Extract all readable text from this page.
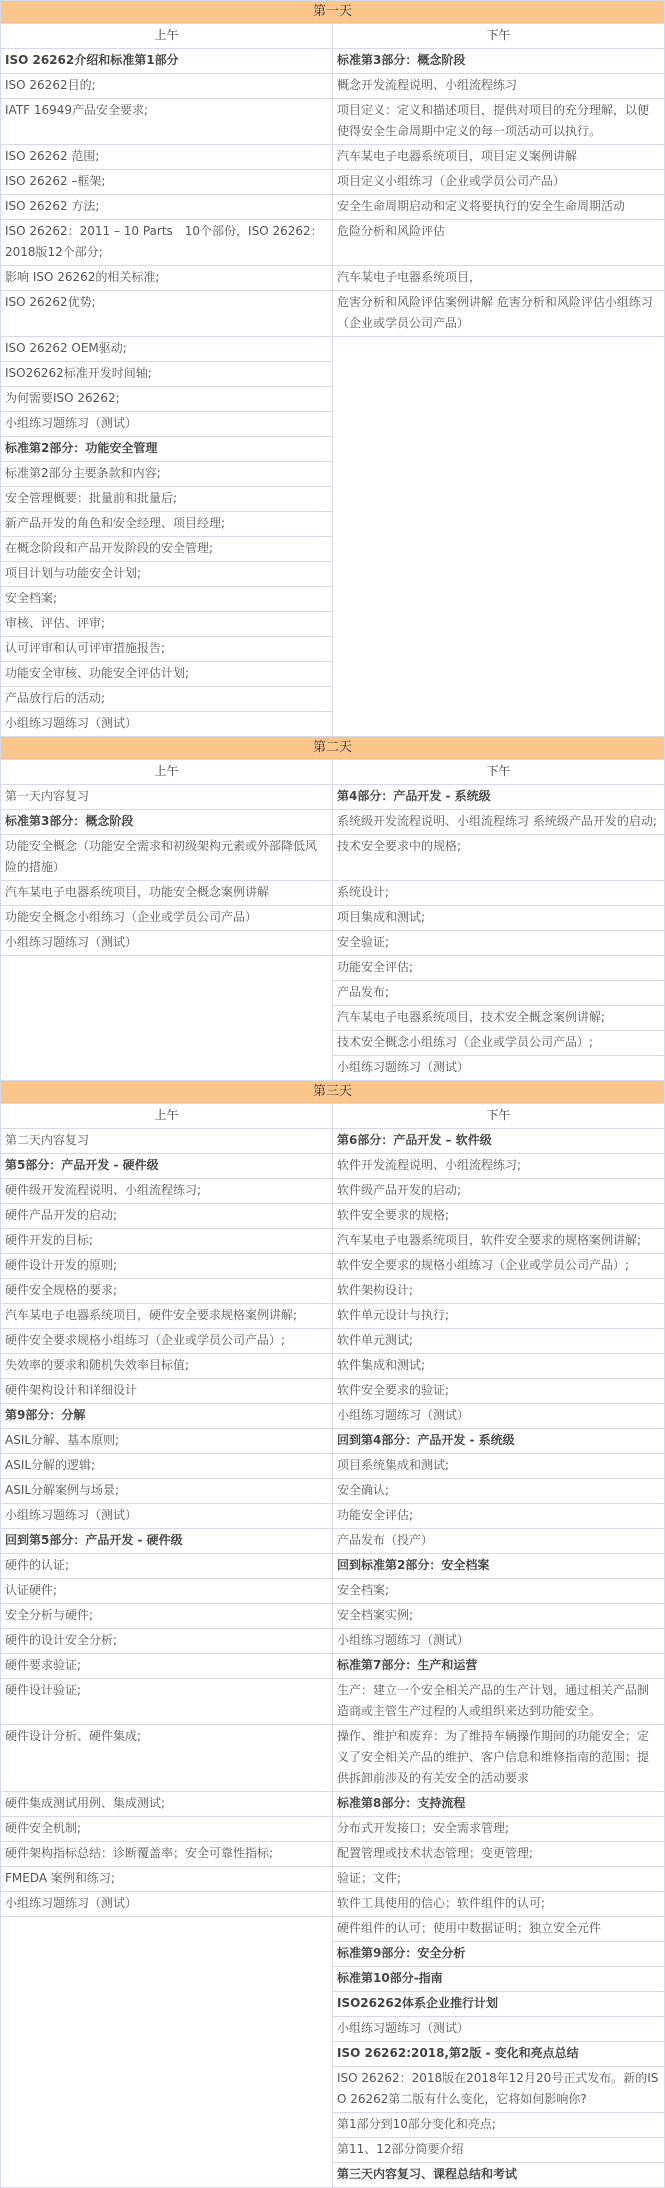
第一天	
上午	下午
ISO 26262介绍和标准第1部分	标准第3部分：概念阶段
ISO 26262目的;	概念开发流程说明、小组流程练习
IATF 16949产品安全要求;	项目定义：定义和描述项目，提供对项目的充分理解，以便使得安全生命周期中定义的每一项活动可以执行。
ISO 26262 范围;	汽车某电子电器系统项目，项目定义案例讲解
ISO 26262 –框架;	项目定义小组练习（企业或学员公司产品）
ISO 26262 方法;	安全生命周期启动和定义将要执行的安全生命周期活动
ISO 26262：2011 – 10 Parts　10个部份，ISO 26262：2018版12个部分;	危险分析和风险评估
影响 ISO 26262的相关标准;	汽车某电子电器系统项目，
ISO 26262优势;	危害分析和风险评估案例讲解 危害分析和风险评估小组练习（企业或学员公司产品）
ISO 26262 OEM驱动;	
ISO26262标准开发时间轴;	
为何需要ISO 26262;	
小组练习题练习（测试）	
标准第2部分：功能安全管理	
标准第2部分主要条款和内容;	
安全管理概要：批量前和批量后;	
新产品开发的角色和安全经理、项目经理;	
在概念阶段和产品开发阶段的安全管理;	
项目计划与功能安全计划;	
安全档案;	
审核、评估、评审;	
认可评审和认可评审措施报告;	
功能安全审核、功能安全评估计划;	
产品放行后的活动;	
小组练习题练习（测试）	
第二天	
上午	下午
第一天内容复习	第4部分：产品开发 - 系统级
标准第3部分：概念阶段	系统级开发流程说明、小组流程练习 系统级产品开发的启动;
功能安全概念（功能安全需求和初级架构元素或外部降低风险的措施）	技术安全要求中的规格;
汽车某电子电器系统项目，功能安全概念案例讲解	系统设计;
功能安全概念小组练习（企业或学员公司产品）	项目集成和测试;
小组练习题练习（测试）	安全验证;
	功能安全评估;
	产品发布;
	汽车某电子电器系统项目，技术安全概念案例讲解;
	技术安全概念小组练习（企业或学员公司产品）;
	小组练习题练习（测试）
第三天	
上午	下午
第二天内容复习	第6部分：产品开发 – 软件级
第5部分：产品开发 - 硬件级	软件开发流程说明、小组流程练习;
硬件级开发流程说明、小组流程练习;	软件级产品开发的启动;
硬件产品开发的启动;	软件安全要求的规格;
硬件开发的目标;	汽车某电子电器系统项目，软件安全要求的规格案例讲解;
硬件设计开发的原则;	软件安全要求的规格小组练习（企业或学员公司产品）;
硬件安全规格的要求;	软件架构设计;
汽车某电子电器系统项目，硬件安全要求规格案例讲解;	软件单元设计与执行;
硬件安全要求规格小组练习（企业或学员公司产品）;	软件单元测试;
失效率的要求和随机失效率目标值;	软件集成和测试;
硬件架构设计和详细设计	软件安全要求的验证;
第9部分：分解	小组练习题练习（测试）
ASIL分解、基本原则;	回到第4部分：产品开发 - 系统级
ASIL分解的逻辑;	项目系统集成和测试;
ASIL分解案例与场景;	安全确认;
小组练习题练习（测试）	功能安全评估;
回到第5部分：产品开发 - 硬件级	产品发布（投产）
硬件的认证;	回到标准第2部分：安全档案
认证硬件;	安全档案;
安全分析与硬件;	安全档案实例;
硬件的设计安全分析;	小组练习题练习（测试）
硬件要求验证;	标准第7部分：生产和运营
硬件设计验证;	生产：建立一个安全相关产品的生产计划，通过相关产品制造商或主管生产过程的人或组织来达到功能安全。
硬件设计分析、硬件集成;	操作、维护和废弃：为了维持车辆操作期间的功能安全；定义了安全相关产品的维护、客户信息和维修指南的范围；提供拆卸前涉及的有关安全的活动要求
硬件集成测试用例、集成测试;	标准第8部分：支持流程
硬件安全机制;	分布式开发接口；安全需求管理;
硬件架构指标总结：诊断覆盖率；安全可靠性指标;	配置管理或技术状态管理；变更管理;
FMEDA 案例和练习;	验证；文件;
小组练习题练习（测试）	软件工具使用的信心；软件组件的认可;
	硬件组件的认可；使用中数据证明；独立安全元件
	标准第9部分：安全分析
	标准第10部分-指南
	ISO26262体系企业推行计划
	小组练习题练习（测试）
	ISO 26262:2018,第2版 - 变化和亮点总结
	ISO 26262：2018版在2018年12月20号正式发布。新的ISO 26262第二版有什么变化，它将如何影响你?
	第1部分到10部分变化和亮点;
	第11、12部分简要介绍
	第三天内容复习、课程总结和考试
